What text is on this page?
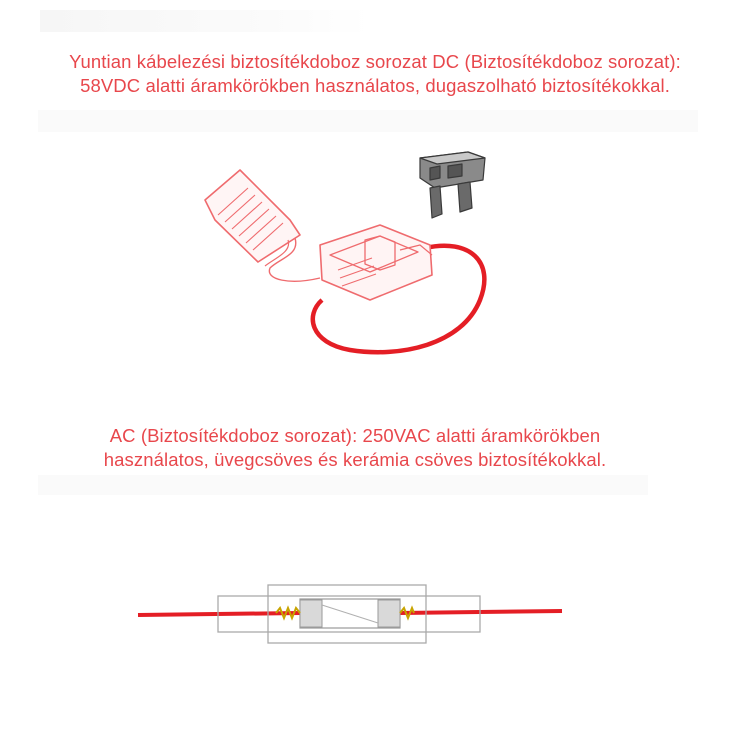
Yuntian kábelezési biztosítékdoboz sorozat DC (Biztosítékdoboz sorozat):
58VDC alatti áramkörökben használatos, dugaszolható biztosítékokkal.
AC (Biztosítékdoboz sorozat): 250VAC alatti áramkörökben
használatos, üvegcsöves és kerámia csöves biztosítékokkal.
